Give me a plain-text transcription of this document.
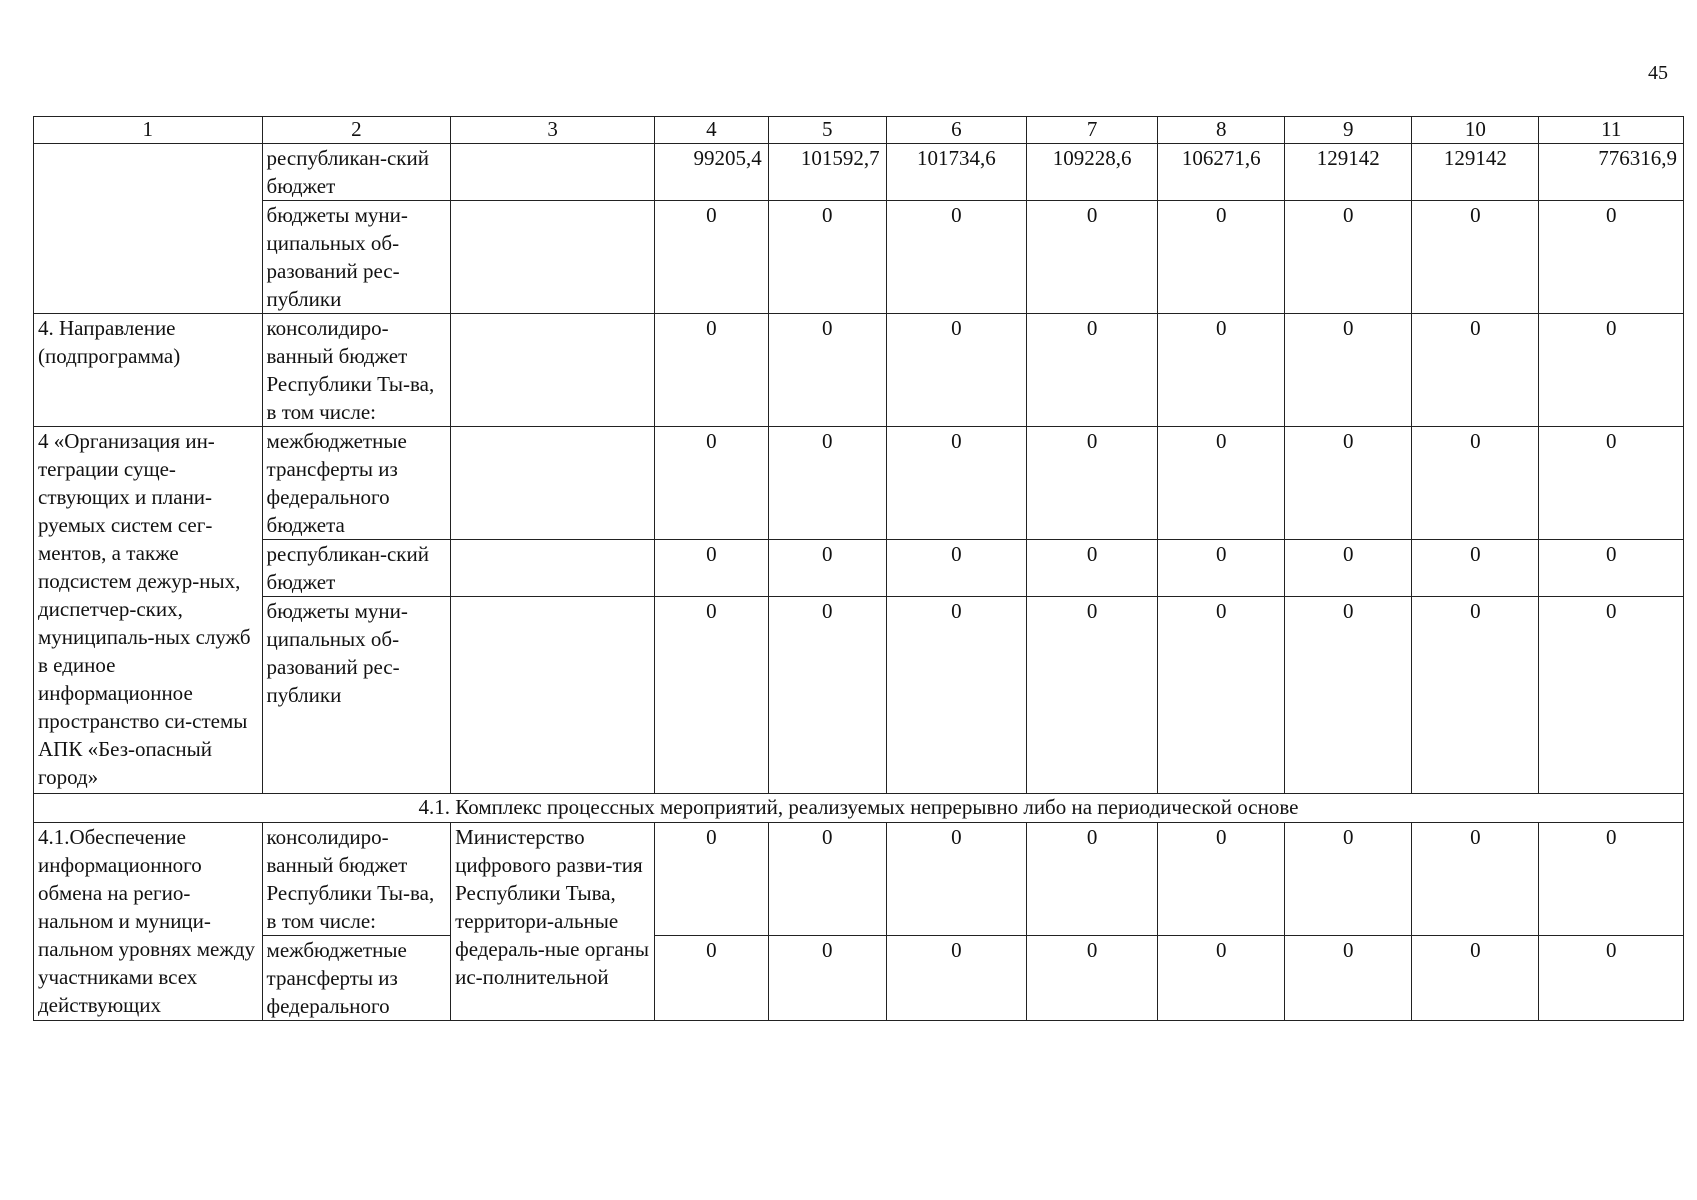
45
1	2	3	4	5	6	7	8	9	10	11
	республикан-ский бюджет		99205,4	101592,7	101734,6	109228,6	106271,6	129142	129142	776316,9
	бюджеты муни-ципальных об-разований рес-публики		0	0	0	0	0	0	0	0
4. Направление (подпрограмма)	консолидиро-ванный бюджет Республики Ты-ва, в том числе:		0	0	0	0	0	0	0	0
4 «Организация ин-теграции суще-ствующих и плани-руемых систем сег-ментов, а также подсистем дежур-ных, диспетчер-ских, муниципаль-ных служб в единое информационное пространство си-стемы АПК «Без-опасный город»	межбюджетные трансферты из федерального бюджета		0	0	0	0	0	0	0	0
	республикан-ский бюджет		0	0	0	0	0	0	0	0
	бюджеты муни-ципальных об-разований рес-публики		0	0	0	0	0	0	0	0
4.1. Комплекс процессных мероприятий, реализуемых непрерывно либо на периодической основе										
4.1.Обеспечение информационного обмена на регио-нальном и муници-пальном уровнях между участниками всех действующих	консолидиро-ванный бюджет Республики Ты-ва, в том числе:	Министерство цифрового разви-тия Республики Тыва, территори-альные федераль-ные органы ис-полнительной	0	0	0	0	0	0	0	0
	межбюджетные трансферты из федерального		0	0	0	0	0	0	0	0
